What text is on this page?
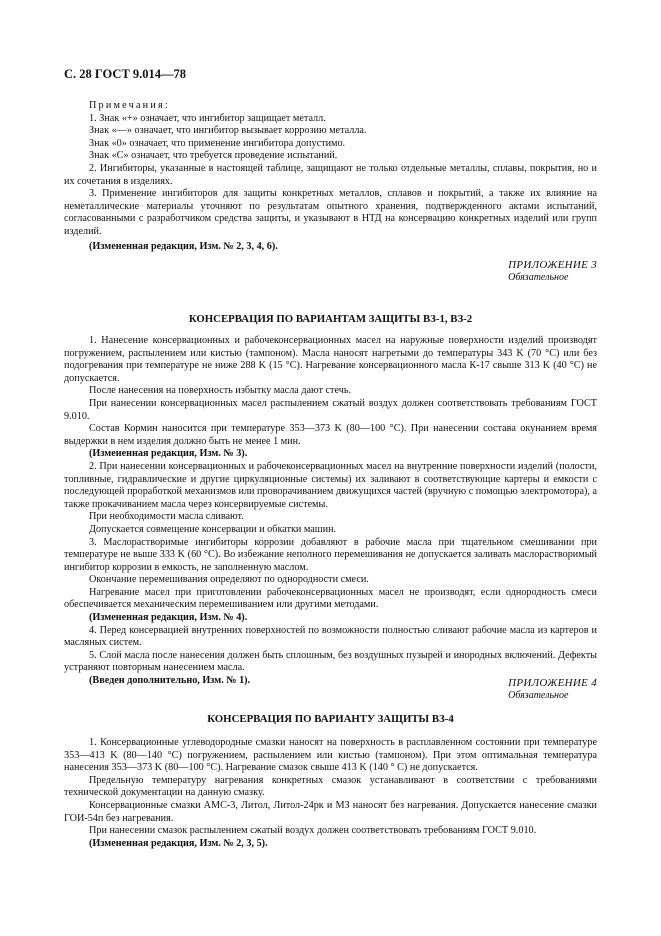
С. 28 ГОСТ 9.014—78

Примечания:

1. Знак «+» означает, что ингибитор защищает металл.

Знак «—» означает, что ингибитор вызывает коррозию металла.

Знак «0» означает, что применение ингибитора допустимо.

Знак «С» означает, что требуется проведение испытаний.

2. Ингибиторы, указанные в настоящей таблице, защищают не только отдельные металлы, сплавы, покрытия, но и их сочетания в изделиях.

3. Применение ингибиторов для защиты конкретных металлов, сплавов и покрытий, а также их влияние на неметаллические материалы уточняют по результатам опытного хранения, подтвержденного актами испытаний, согласованными с разработчиком средства защиты, и указывают в НТД на консервацию конкретных изделий или групп изделий.

(Измененная редакция, Изм. № 2, 3, 4, 6).

ПРИЛОЖЕНИЕ 3
Обязательное
КОНСЕРВАЦИЯ ПО ВАРИАНТАМ ЗАЩИТЫ ВЗ-1, ВЗ-2

1. Нанесение консервационных и рабочеконсервационных масел на наружные поверхности изделий производят погружением, распылением или кистью (тампоном). Масла наносят нагретыми до температуры 343 K (70 °C) или без подогревания при температуре не ниже 288 K (15 °C). Нагревание консервационного масла К-17 свыше 313 K (40 °C) не допускается.

После нанесения на поверхность избытку масла дают стечь.

При нанесении консервационных масел распылением сжатый воздух должен соответствовать требованиям ГОСТ 9.010.

Состав Кормин наносится при температуре 353—373 K (80—100 °C). При нанесении состава окунанием время выдержки в нем изделия должно быть не менее 1 мин.

(Измененная редакция, Изм. № 3).

2. При нанесении консервационных и рабочеконсервационных масел на внутренние поверхности изделий (полости, топливные, гидравлические и другие циркуляционные системы) их заливают в соответствующие картеры и емкости с последующей проработкой механизмов или проворачиванием движущихся частей (вручную с помощью электромотора), а также прокачиванием масла через консервируемые системы.

При необходимости масла сливают.

Допускается совмещение консервации и обкатки машин.

3. Маслорастворимые ингибиторы коррозии добавляют в рабочие масла при тщательном смешивании при температуре не выше 333 K (60 °C). Во избежание неполного перемешивания не допускается заливать маслорастворимый ингибитор коррозии в емкость, не заполненную маслом.

Окончание перемешивания определяют по однородности смеси.

Нагревание масел при приготовлении рабочеконсервационных масел не производят, если однородность смеси обеспечивается механическим перемешиванием или другими методами.

(Измененная редакция, Изм. № 4).

4. Перед консервацией внутренних поверхностей по возможности полностью сливают рабочие масла из картеров и масляных систем.

5. Слой масла после нанесения должен быть сплошным, без воздушных пузырей и инородных включений. Дефекты устраняют повторным нанесением масла.

(Введен дополнительно, Изм. № 1).	ПРИЛОЖЕНИЕ 4
Обязательное
КОНСЕРВАЦИЯ ПО ВАРИАНТУ ЗАЩИТЫ ВЗ-4

1. Консервационные углеводородные смазки наносят на поверхность в расплавленном состоянии при температуре 353—413 K (80—140 °C) погружением, распылением или кистью (тампоном). При этом оптимальная температура нанесения 353—373 K (80—100 °C). Нагревание смазок свыше 413 K (140 ° C) не допускается.

Предельную температуру нагревания конкретных смазок устанавливают в соответствии с требованиями технической документации на данную смазку.

Консервационные смазки АМС-3, Литол, Литол-24рк и МЗ наносят без нагревания. Допускается нанесение смазки ГОИ-54п без нагревания.

При нанесении смазок распылением сжатый воздух должен соответствовать требованиям ГОСТ 9.010.

(Измененная редакция, Изм. № 2, 3, 5).
